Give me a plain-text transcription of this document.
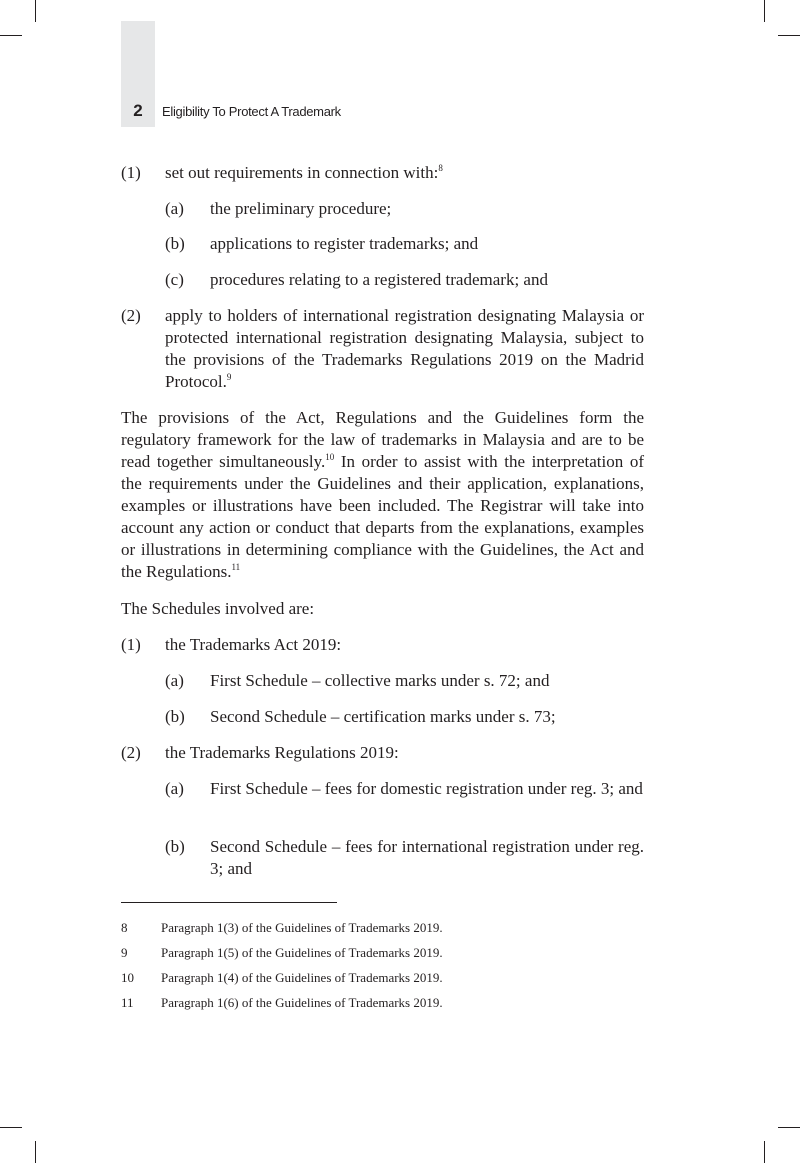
2	Eligibility To Protect A Trademark
(1) set out requirements in connection with:$^8$
(a) the preliminary procedure;
(b) applications to register trademarks; and
(c) procedures relating to a registered trademark; and
(2) apply to holders of international registration designating Malaysia or protected international registration designating Malaysia, subject to the provisions of the Trademarks Regulations 2019 on the Madrid Protocol.$^9$
The provisions of the Act, Regulations and the Guidelines form the regulatory framework for the law of trademarks in Malaysia and are to be read together simultaneously.$^{10}$ In order to assist with the interpretation of the requirements under the Guidelines and their application, explanations, examples or illustrations have been included. The Registrar will take into account any action or conduct that departs from the explanations, examples or illustrations in determining compliance with the Guidelines, the Act and the Regulations.$^{11}$
The Schedules involved are:
(1) the Trademarks Act 2019:
(a) First Schedule – collective marks under s. 72; and
(b) Second Schedule – certification marks under s. 73;
(2) the Trademarks Regulations 2019:
(a) First Schedule – fees for domestic registration under reg. 3; and
(b) Second Schedule – fees for international registration under reg. 3; and
8	Paragraph 1(3) of the Guidelines of Trademarks 2019.
9	Paragraph 1(5) of the Guidelines of Trademarks 2019.
10 Paragraph 1(4) of the Guidelines of Trademarks 2019.
11 Paragraph 1(6) of the Guidelines of Trademarks 2019.
